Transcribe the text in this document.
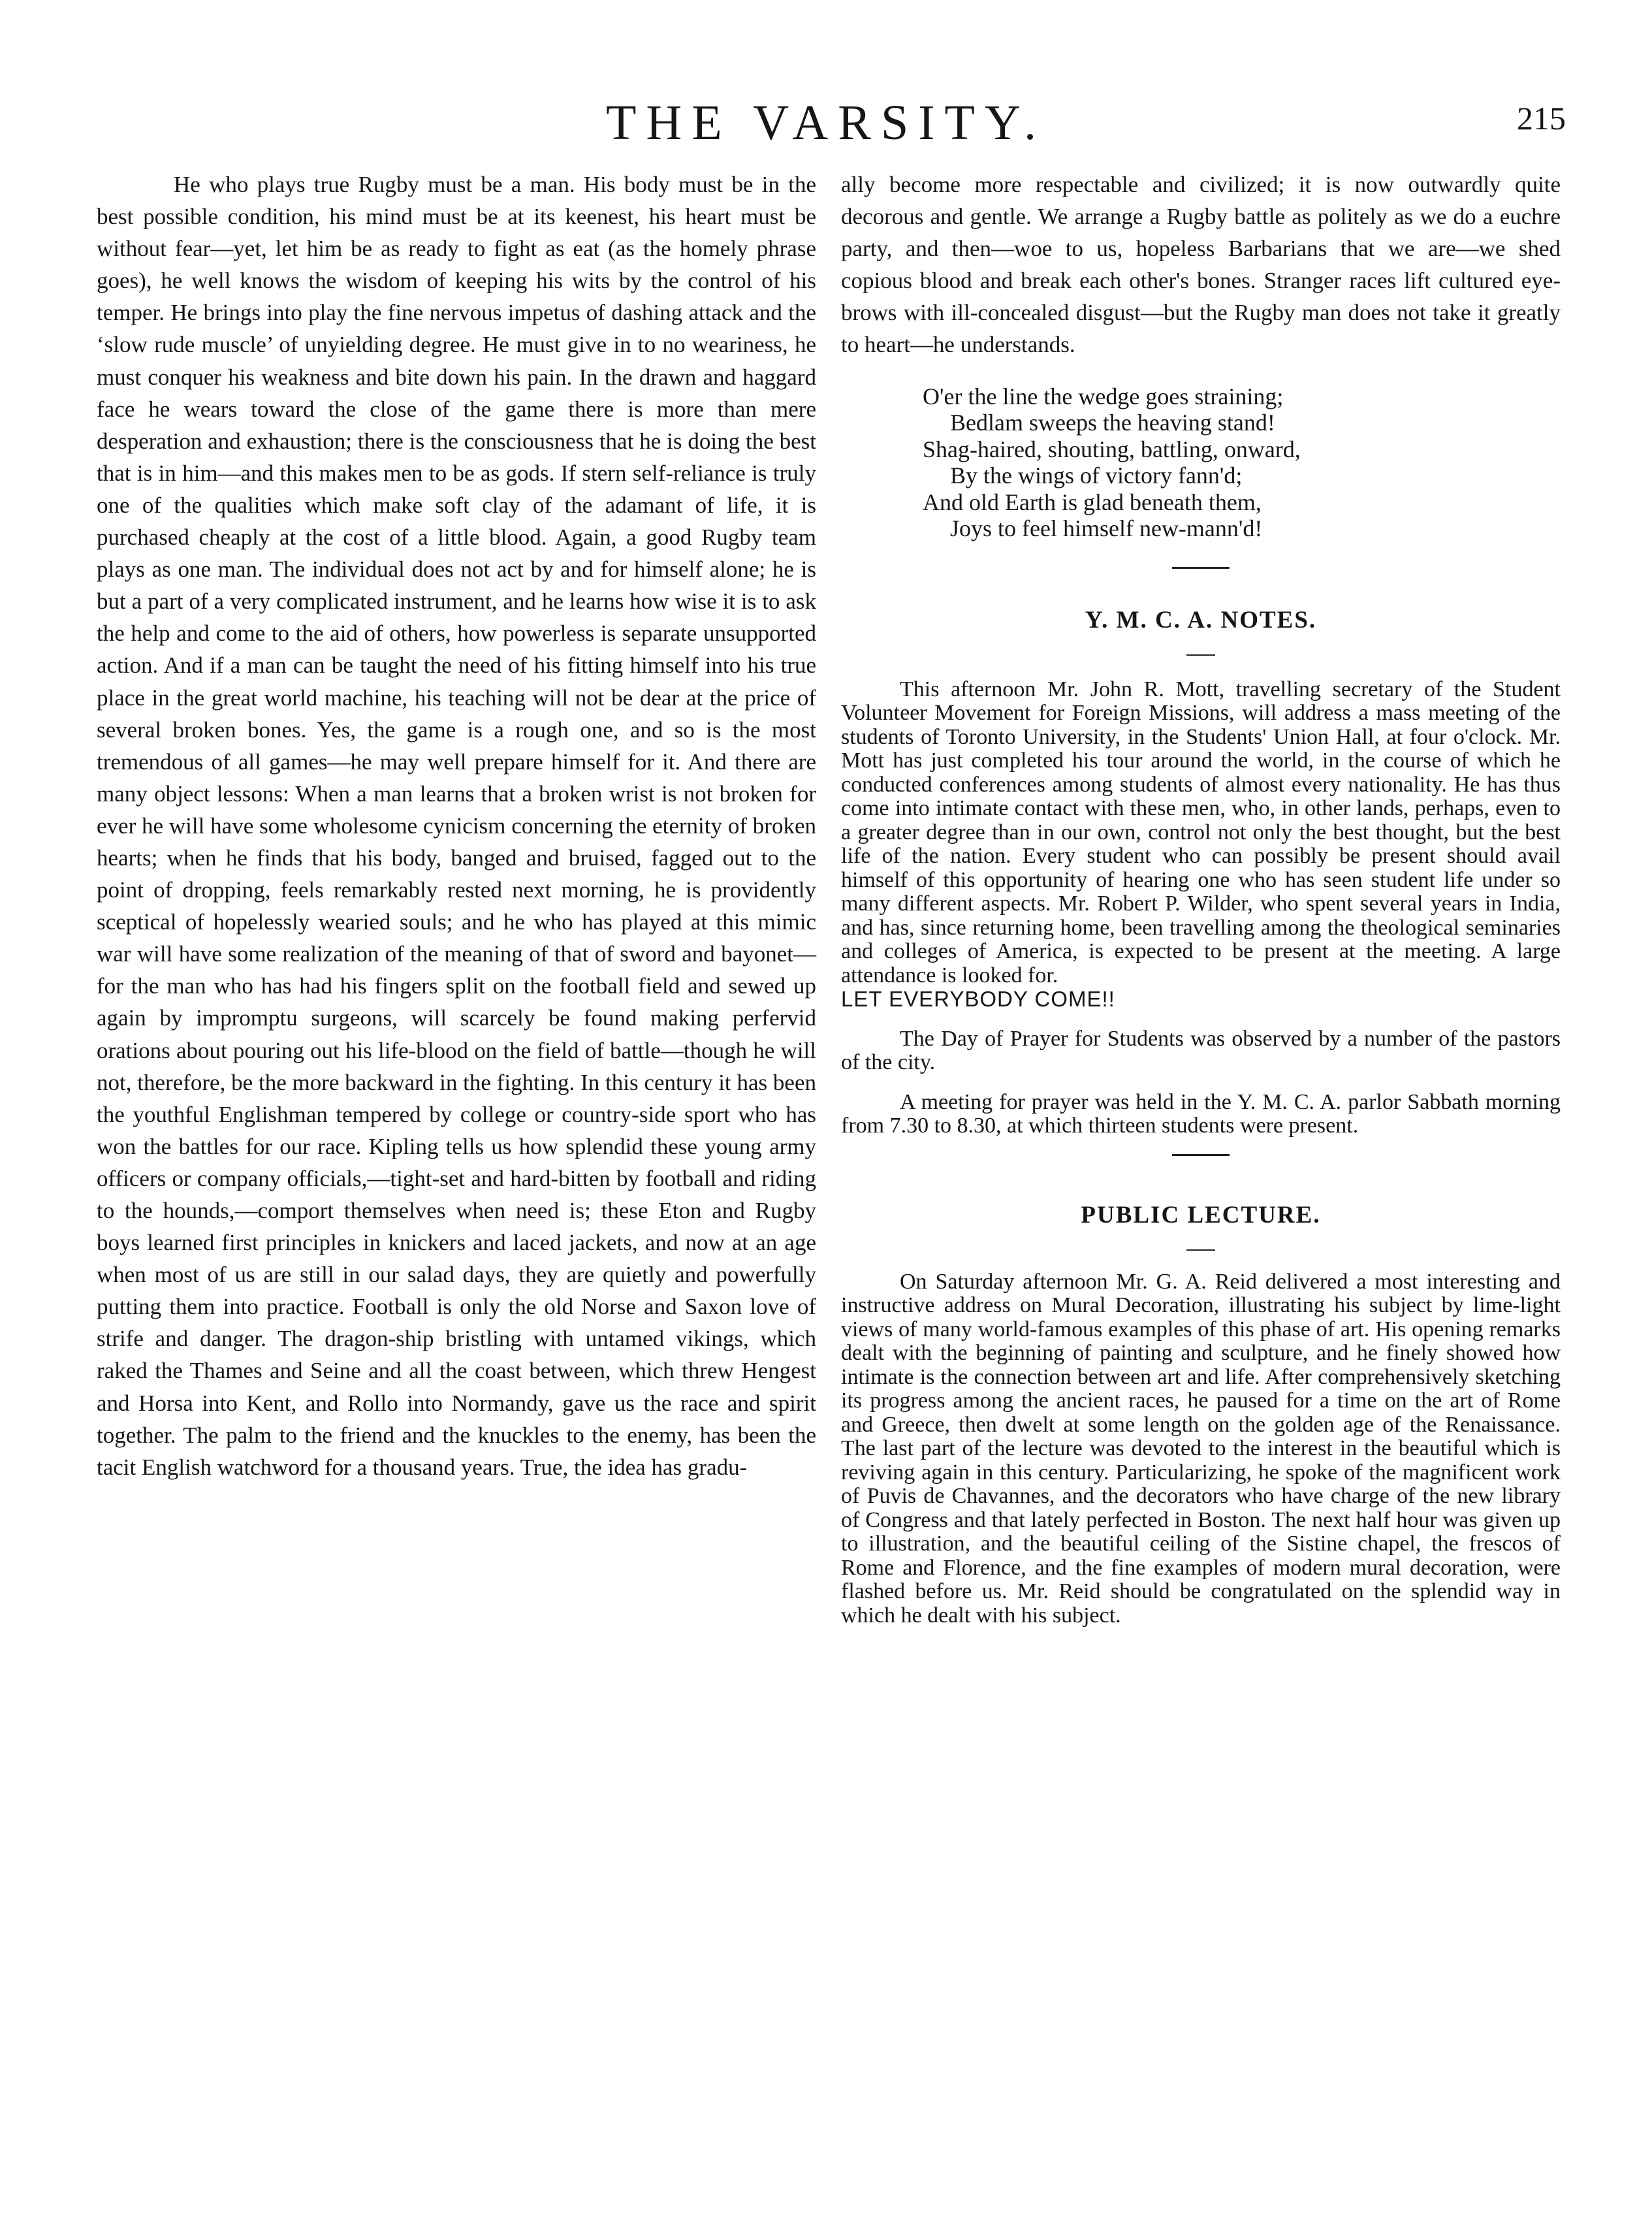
THE VARSITY.	215

He who plays true Rugby must be a man. His body must be in the best possible condition, his mind must be at its keenest, his heart must be without fear—yet, let him be as ready to fight as eat (as the homely phrase goes), he well knows the wisdom of keeping his wits by the control of his temper. He brings into play the fine nervous impetus of dashing attack and the ‘slow rude muscle’ of unyielding degree. He must give in to no weariness, he must conquer his weakness and bite down his pain. In the drawn and haggard face he wears toward the close of the game there is more than mere desperation and exhaustion; there is the consciousness that he is doing the best that is in him—and this makes men to be as gods. If stern self-reliance is truly one of the qualities which make soft clay of the adamant of life, it is purchased cheaply at the cost of a little blood. Again, a good Rugby team plays as one man. The individual does not act by and for himself alone; he is but a part of a very complicated instrument, and he learns how wise it is to ask the help and come to the aid of others, how powerless is separate unsupported action. And if a man can be taught the need of his fitting himself into his true place in the great world machine, his teaching will not be dear at the price of several broken bones. Yes, the game is a rough one, and so is the most tremendous of all games—he may well prepare himself for it. And there are many object lessons: When a man learns that a broken wrist is not broken for ever he will have some wholesome cynicism concerning the eternity of broken hearts; when he finds that his body, banged and bruised, fagged out to the point of dropping, feels remarkably rested next morning, he is providently sceptical of hopelessly wearied souls; and he who has played at this mimic war will have some realization of the meaning of that of sword and bayonet—for the man who has had his fingers split on the football field and sewed up again by impromptu surgeons, will scarcely be found making perfervid orations about pouring out his life-blood on the field of battle—though he will not, therefore, be the more backward in the fighting. In this century it has been the youthful Englishman tempered by college or country-side sport who has won the battles for our race. Kipling tells us how splendid these young army officers or company officials,—tight-set and hard-bitten by football and riding to the hounds,—comport themselves when need is; these Eton and Rugby boys learned first principles in knickers and laced jackets, and now at an age when most of us are still in our salad days, they are quietly and powerfully putting them into practice. Football is only the old Norse and Saxon love of strife and danger. The dragon-ship bristling with untamed vikings, which raked the Thames and Seine and all the coast between, which threw Hengest and Horsa into Kent, and Rollo into Normandy, gave us the race and spirit together. The palm to the friend and the knuckles to the enemy, has been the tacit English watchword for a thousand years. True, the idea has gradu-

ally become more respectable and civilized; it is now outwardly quite decorous and gentle. We arrange a Rugby battle as politely as we do a euchre party, and then—woe to us, hopeless Barbarians that we are—we shed copious blood and break each other's bones. Stranger races lift cultured eye-brows with ill-concealed disgust—but the Rugby man does not take it greatly to heart—he understands.

O'er the line the wedge goes straining;

Bedlam sweeps the heaving stand!

Shag-haired, shouting, battling, onward,

By the wings of victory fann'd;

And old Earth is glad beneath them,

Joys to feel himself new-mann'd!

Y. M. C. A. NOTES.

This afternoon Mr. John R. Mott, travelling secretary of the Student Volunteer Movement for Foreign Missions, will address a mass meeting of the students of Toronto University, in the Students' Union Hall, at four o'clock. Mr. Mott has just completed his tour around the world, in the course of which he conducted conferences among students of almost every nationality. He has thus come into intimate contact with these men, who, in other lands, perhaps, even to a greater degree than in our own, control not only the best thought, but the best life of the nation. Every student who can possibly be present should avail himself of this opportunity of hearing one who has seen student life under so many different aspects. Mr. Robert P. Wilder, who spent several years in India, and has, since returning home, been travelling among the theological seminaries and colleges of America, is expected to be present at the meeting. A large attendance is looked for.

LET EVERYBODY COME!!

The Day of Prayer for Students was observed by a number of the pastors of the city.

A meeting for prayer was held in the Y. M. C. A. parlor Sabbath morning from 7.30 to 8.30, at which thirteen students were present.

PUBLIC LECTURE.

On Saturday afternoon Mr. G. A. Reid delivered a most interesting and instructive address on Mural Decoration, illustrating his subject by lime-light views of many world-famous examples of this phase of art. His opening remarks dealt with the beginning of painting and sculpture, and he finely showed how intimate is the connection between art and life. After comprehensively sketching its progress among the ancient races, he paused for a time on the art of Rome and Greece, then dwelt at some length on the golden age of the Renaissance. The last part of the lecture was devoted to the interest in the beautiful which is reviving again in this century. Particularizing, he spoke of the magnificent work of Puvis de Chavannes, and the decorators who have charge of the new library of Congress and that lately perfected in Boston. The next half hour was given up to illustration, and the beautiful ceiling of the Sistine chapel, the frescos of Rome and Florence, and the fine examples of modern mural decoration, were flashed before us. Mr. Reid should be congratulated on the splendid way in which he dealt with his subject.
